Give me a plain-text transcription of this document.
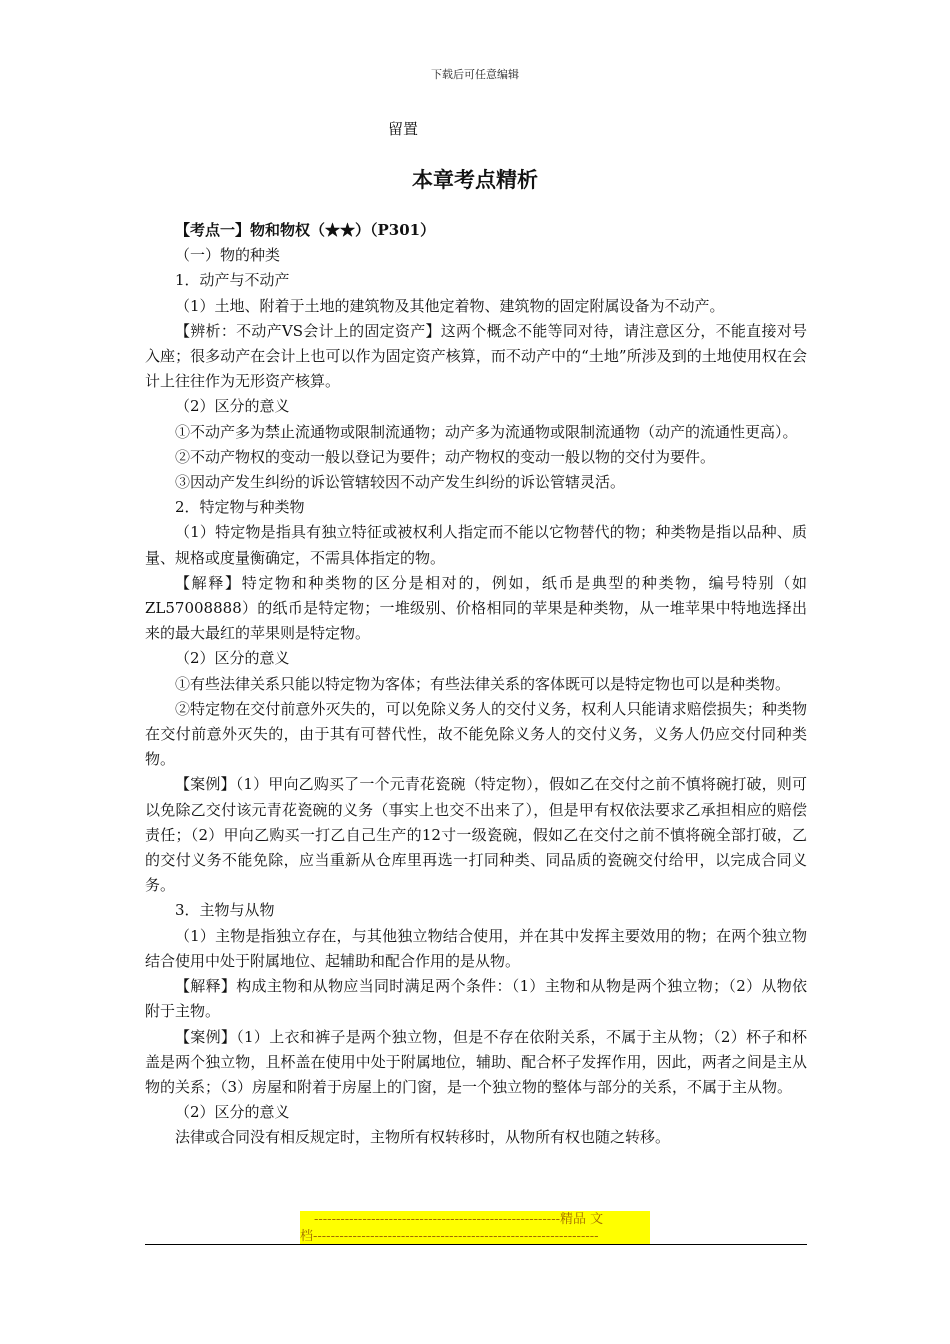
下载后可任意编辑
留置
本章考点精析

【考点一】物和物权（★★）（P301）

（一）物的种类

1．动产与不动产

（1）土地、附着于土地的建筑物及其他定着物、建筑物的固定附属设备为不动产。

【辨析：不动产VS会计上的固定资产】这两个概念不能等同对待，请注意区分，不能直接对号入座；很多动产在会计上也可以作为固定资产核算，而不动产中的“土地”所涉及到的土地使用权在会计上往往作为无形资产核算。

（2）区分的意义

①不动产多为禁止流通物或限制流通物；动产多为流通物或限制流通物（动产的流通性更高）。

②不动产物权的变动一般以登记为要件；动产物权的变动一般以物的交付为要件。

③因动产发生纠纷的诉讼管辖较因不动产发生纠纷的诉讼管辖灵活。

2．特定物与种类物

（1）特定物是指具有独立特征或被权利人指定而不能以它物替代的物；种类物是指以品种、质量、规格或度量衡确定，不需具体指定的物。

【解释】特定物和种类物的区分是相对的，例如，纸币是典型的种类物，编号特别（如ZL57008888）的纸币是特定物；一堆级别、价格相同的苹果是种类物，从一堆苹果中特地选择出来的最大最红的苹果则是特定物。

（2）区分的意义

①有些法律关系只能以特定物为客体；有些法律关系的客体既可以是特定物也可以是种类物。

②特定物在交付前意外灭失的，可以免除义务人的交付义务，权利人只能请求赔偿损失；种类物在交付前意外灭失的，由于其有可替代性，故不能免除义务人的交付义务，义务人仍应交付同种类物。

【案例】（1）甲向乙购买了一个元青花瓷碗（特定物），假如乙在交付之前不慎将碗打破，则可以免除乙交付该元青花瓷碗的义务（事实上也交不出来了），但是甲有权依法要求乙承担相应的赔偿责任；（2）甲向乙购买一打乙自己生产的12寸一级瓷碗，假如乙在交付之前不慎将碗全部打破，乙的交付义务不能免除，应当重新从仓库里再选一打同种类、同品质的瓷碗交付给甲，以完成合同义务。

3．主物与从物

（1）主物是指独立存在，与其他独立物结合使用，并在其中发挥主要效用的物；在两个独立物结合使用中处于附属地位、起辅助和配合作用的是从物。

【解释】构成主物和从物应当同时满足两个条件：（1）主物和从物是两个独立物；（2）从物依附于主物。

【案例】（1）上衣和裤子是两个独立物，但是不存在依附关系，不属于主从物；（2）杯子和杯盖是两个独立物，且杯盖在使用中处于附属地位，辅助、配合杯子发挥作用，因此，两者之间是主从物的关系；（3）房屋和附着于房屋上的门窗，是一个独立物的整体与部分的关系，不属于主从物。

（2）区分的意义

法律或合同没有相反规定时，主物所有权转移时，从物所有权也随之转移。

--------------------------------------------------------精品 文
档-----------------------------------------------------------------
